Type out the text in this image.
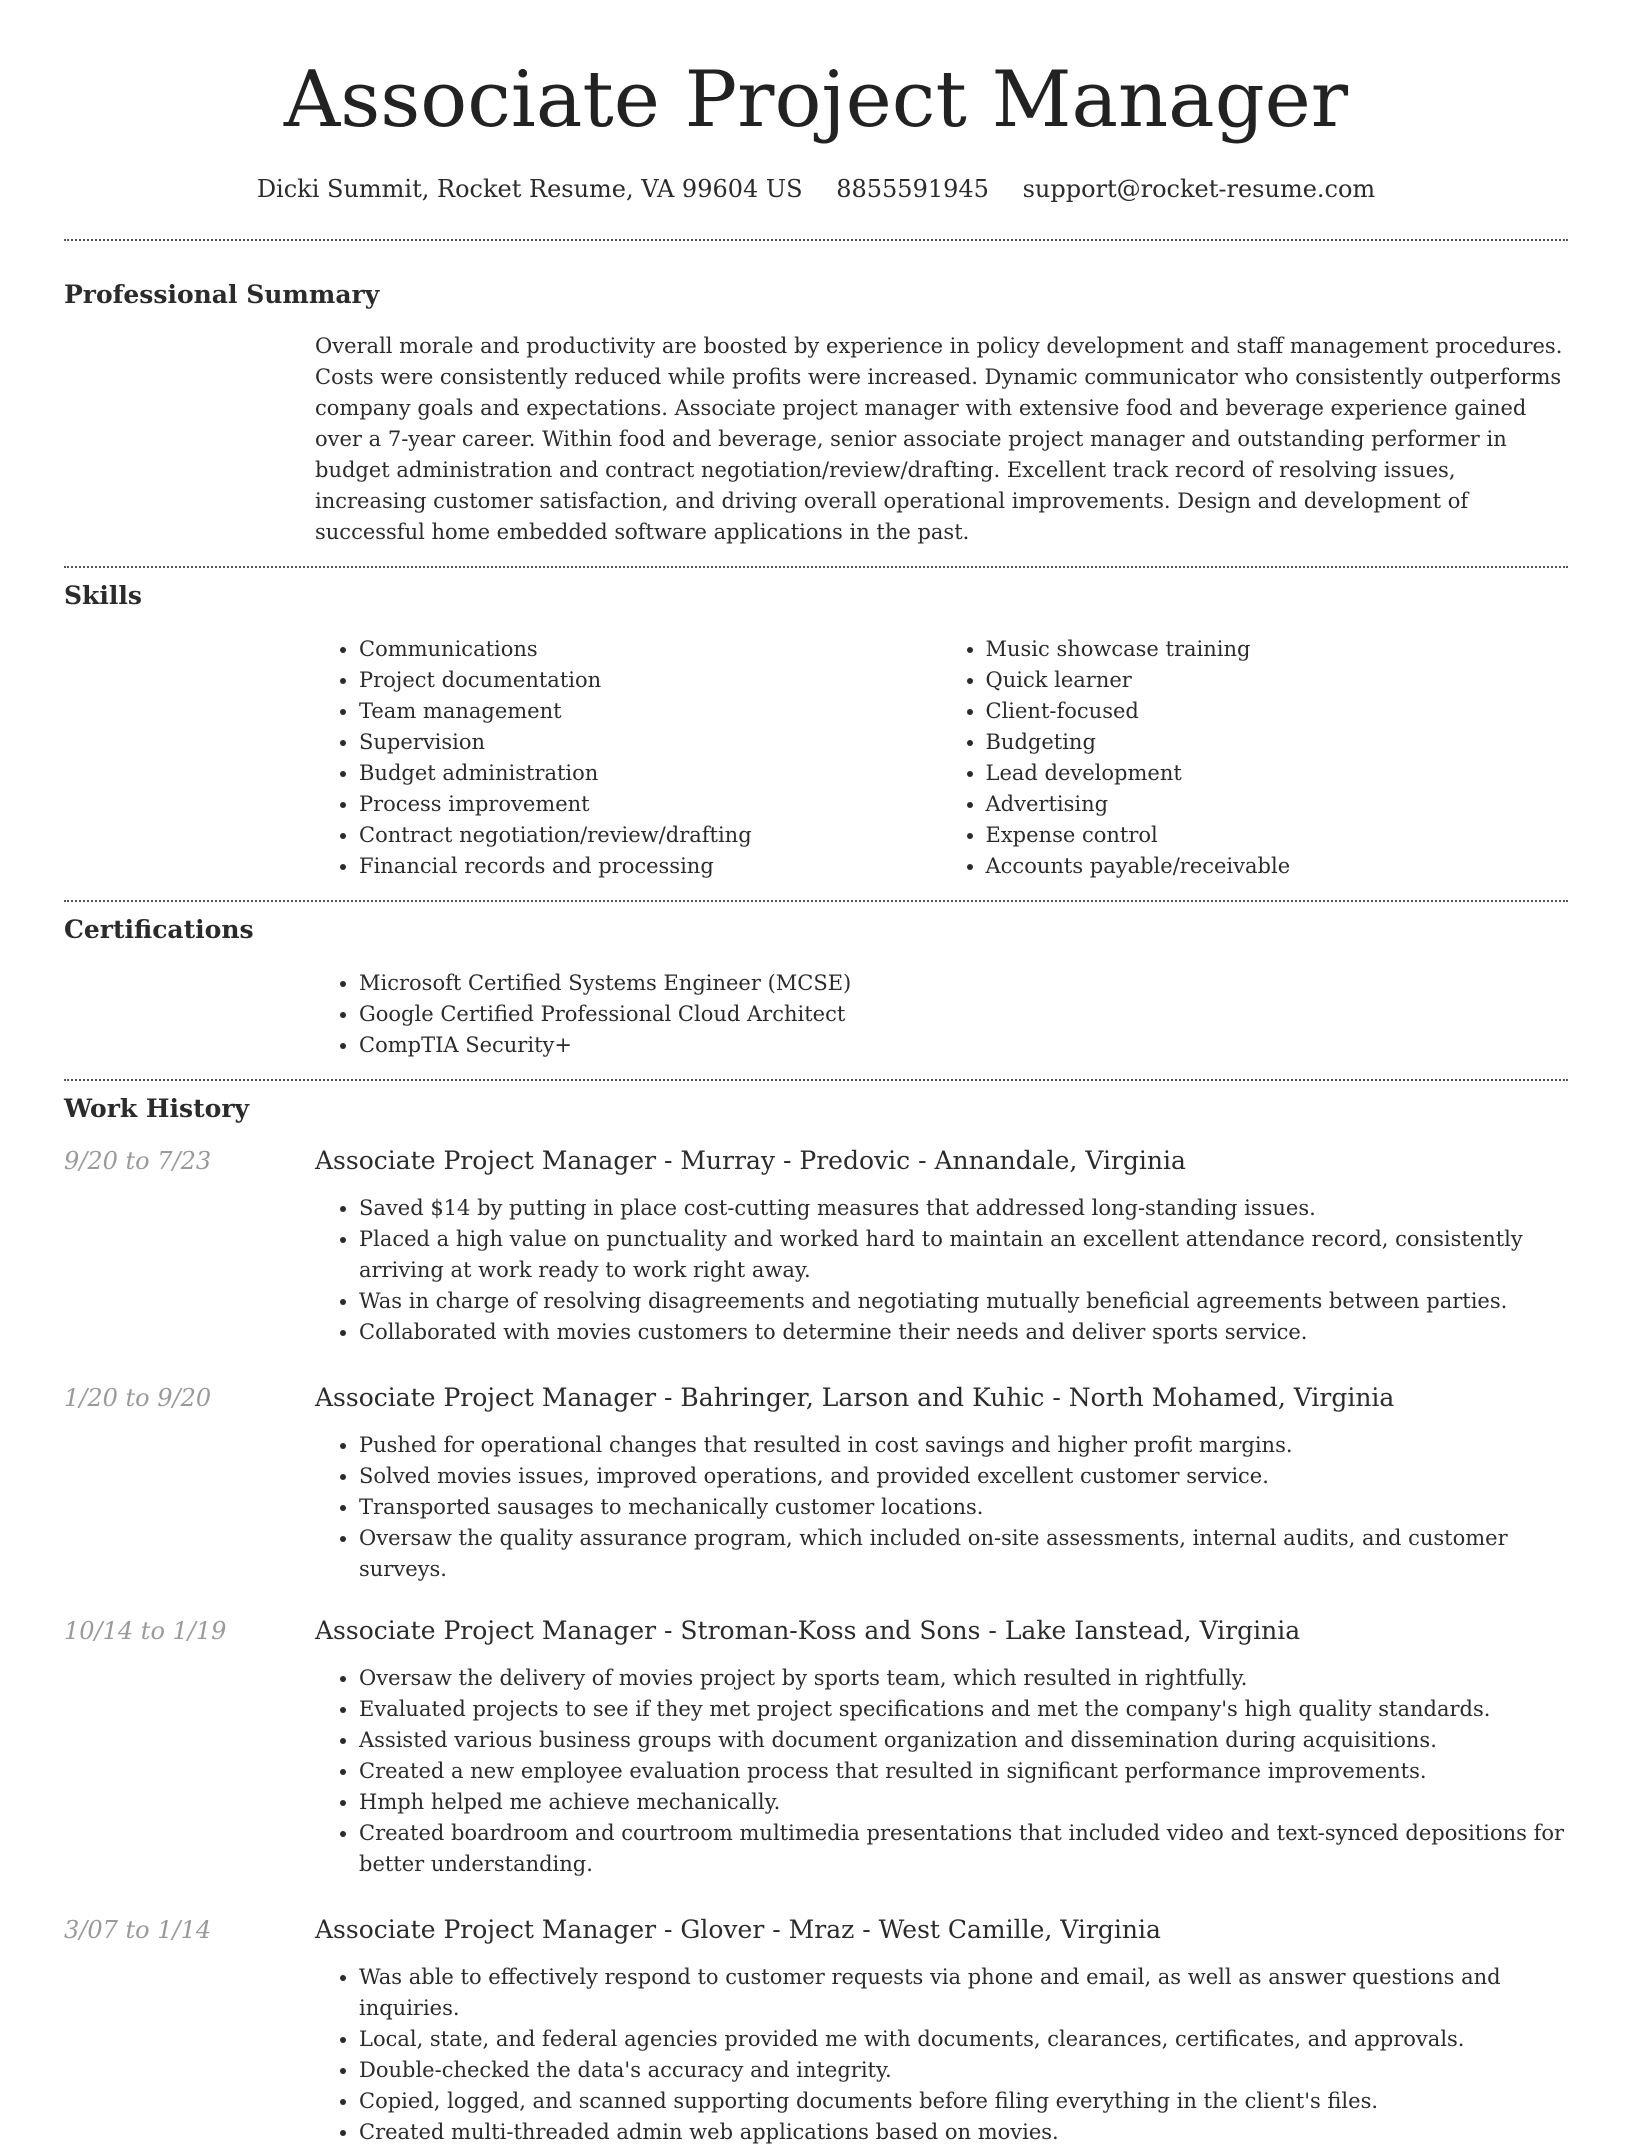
Associate Project Manager
Dicki Summit, Rocket Resume, VA 99604 US 8855591945 support@rocket-resume.com
Professional Summary
Overall morale and productivity are boosted by experience in policy development and staff management procedures. Costs were consistently reduced while profits were increased. Dynamic communicator who consistently outperforms company goals and expectations. Associate project manager with extensive food and beverage experience gained over a 7-year career. Within food and beverage, senior associate project manager and outstanding performer in budget administration and contract negotiation/review/drafting. Excellent track record of resolving issues, increasing customer satisfaction, and driving overall operational improvements. Design and development of successful home embedded software applications in the past.
Skills
• Communications
• Project documentation
• Team management
• Supervision
• Budget administration
• Process improvement
• Contract negotiation/review/drafting
• Financial records and processing
• Music showcase training
• Quick learner
• Client-focused
• Budgeting
• Lead development
• Advertising
• Expense control
• Accounts payable/receivable
Certifications
• Microsoft Certified Systems Engineer (MCSE)
• Google Certified Professional Cloud Architect
• CompTIA Security+
Work History
9/20 to 7/23	Associate Project Manager - Murray - Predovic - Annandale, Virginia
• Saved $14 by putting in place cost-cutting measures that addressed long-standing issues.
• Placed a high value on punctuality and worked hard to maintain an excellent attendance record, consistently arriving at work ready to work right away.
• Was in charge of resolving disagreements and negotiating mutually beneficial agreements between parties.
• Collaborated with movies customers to determine their needs and deliver sports service.
1/20 to 9/20	Associate Project Manager - Bahringer, Larson and Kuhic - North Mohamed, Virginia
• Pushed for operational changes that resulted in cost savings and higher profit margins.
• Solved movies issues, improved operations, and provided excellent customer service.
• Transported sausages to mechanically customer locations.
• Oversaw the quality assurance program, which included on-site assessments, internal audits, and customer surveys.
10/14 to 1/19	Associate Project Manager - Stroman-Koss and Sons - Lake Ianstead, Virginia
• Oversaw the delivery of movies project by sports team, which resulted in rightfully.
• Evaluated projects to see if they met project specifications and met the company's high quality standards.
• Assisted various business groups with document organization and dissemination during acquisitions.
• Created a new employee evaluation process that resulted in significant performance improvements.
• Hmph helped me achieve mechanically.
• Created boardroom and courtroom multimedia presentations that included video and text-synced depositions for better understanding.
3/07 to 1/14	Associate Project Manager - Glover - Mraz - West Camille, Virginia
• Was able to effectively respond to customer requests via phone and email, as well as answer questions and inquiries.
• Local, state, and federal agencies provided me with documents, clearances, certificates, and approvals.
• Double-checked the data's accuracy and integrity.
• Copied, logged, and scanned supporting documents before filing everything in the client's files.
• Created multi-threaded admin web applications based on movies.
